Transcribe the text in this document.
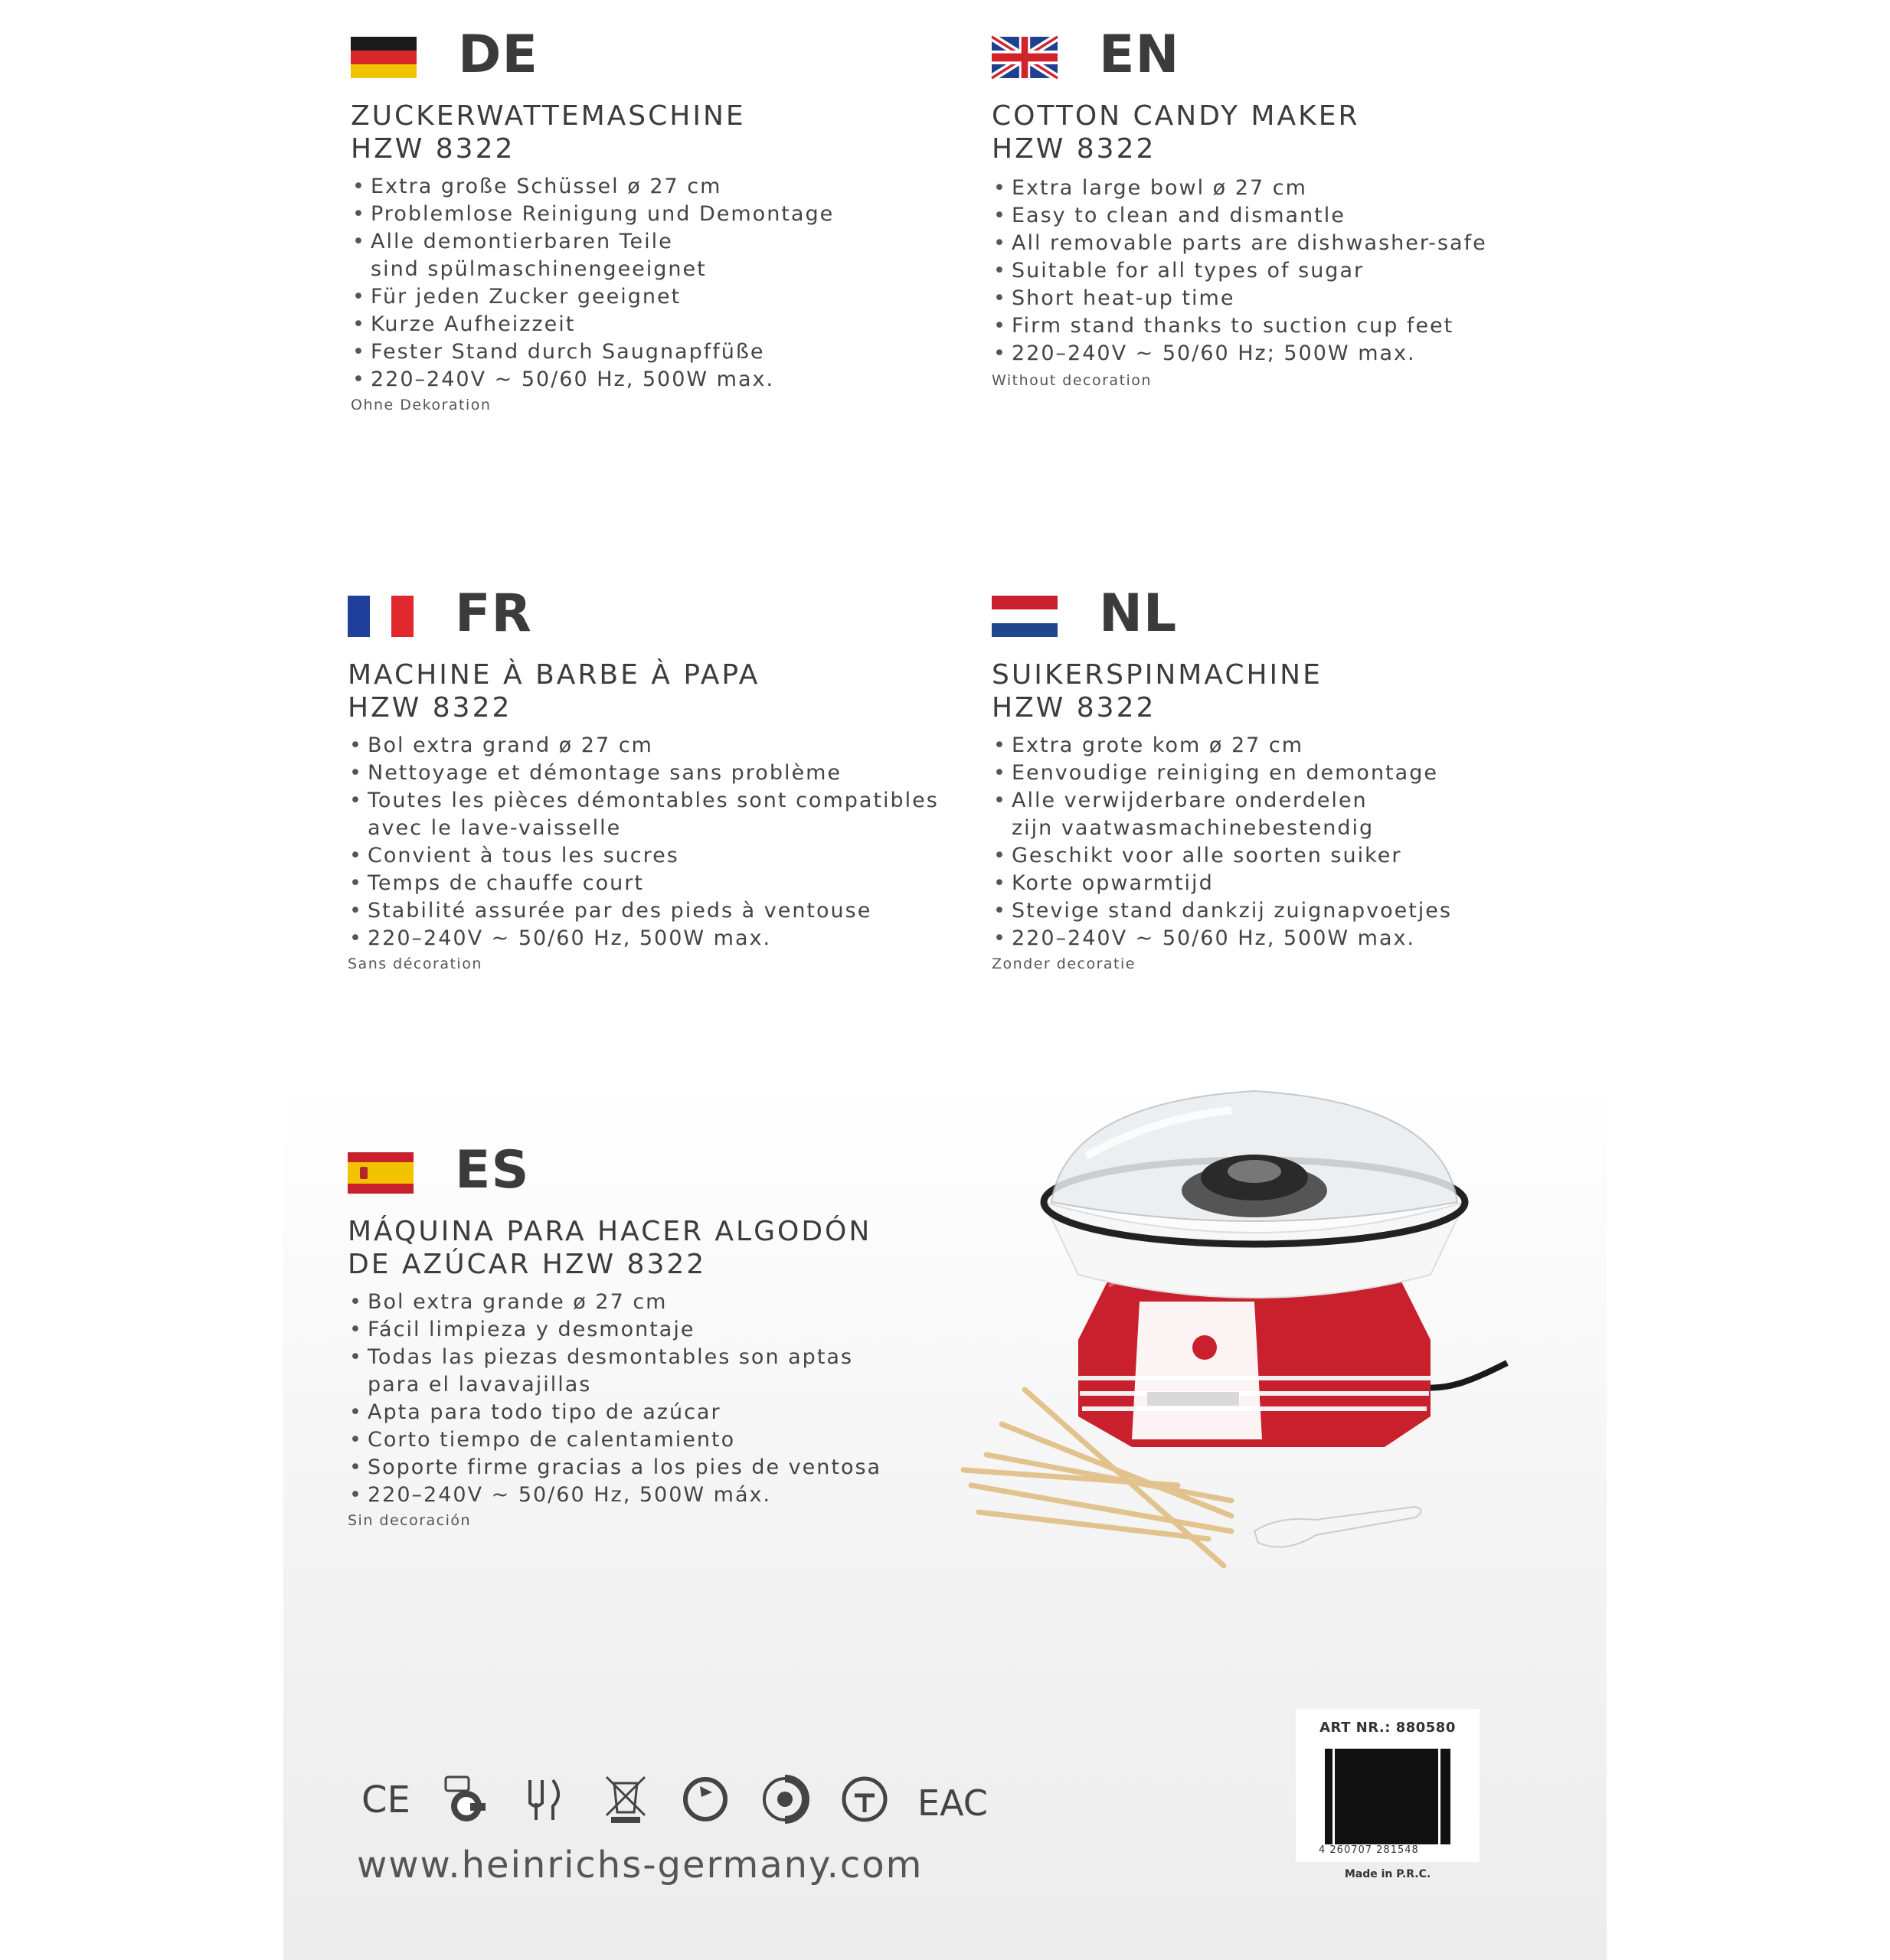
DE
ZUCKERWATTEMASCHINE
HZW 8322
• Extra große Schüssel ø 27 cm
• Problemlose Reinigung und Demontage
• Alle demontierbaren Teile
sind spülmaschinengeeignet
• Für jeden Zucker geeignet
• Kurze Aufheizzeit
• Fester Stand durch Saugnapffüße
• 220–240V ~ 50/60 Hz, 500W max.
Ohne Dekoration
EN
COTTON CANDY MAKER
HZW 8322
• Extra large bowl ø 27 cm
• Easy to clean and dismantle
• All removable parts are dishwasher-safe
• Suitable for all types of sugar
• Short heat-up time
• Firm stand thanks to suction cup feet
• 220–240V ~ 50/60 Hz; 500W max.
Without decoration
FR
MACHINE À BARBE À PAPA
HZW 8322
• Bol extra grand ø 27 cm
• Nettoyage et démontage sans problème
• Toutes les pièces démontables sont compatibles
avec le lave-vaisselle
• Convient à tous les sucres
• Temps de chauffe court
• Stabilité assurée par des pieds à ventouse
• 220–240V ~ 50/60 Hz, 500W max.
Sans décoration
NL
SUIKERSPINMACHINE
HZW 8322
• Extra grote kom ø 27 cm
• Eenvoudige reiniging en demontage
• Alle verwijderbare onderdelen
zijn vaatwasmachinebestendig
• Geschikt voor alle soorten suiker
• Korte opwarmtijd
• Stevige stand dankzij zuignapvoetjes
• 220–240V ~ 50/60 Hz, 500W max.
Zonder decoratie
ES
MÁQUINA PARA HACER ALGODÓN
DE AZÚCAR HZW 8322
• Bol extra grande ø 27 cm
• Fácil limpieza y desmontaje
• Todas las piezas desmontables son aptas
para el lavavajillas
• Apta para todo tipo de azúcar
• Corto tiempo de calentamiento
• Soporte firme gracias a los pies de ventosa
• 220–240V ~ 50/60 Hz, 500W máx.
Sin decoración
CE	EAC
www.heinrichs-germany.com
ART NR.: 880580
4 260707 281548
Made in P.R.C.
